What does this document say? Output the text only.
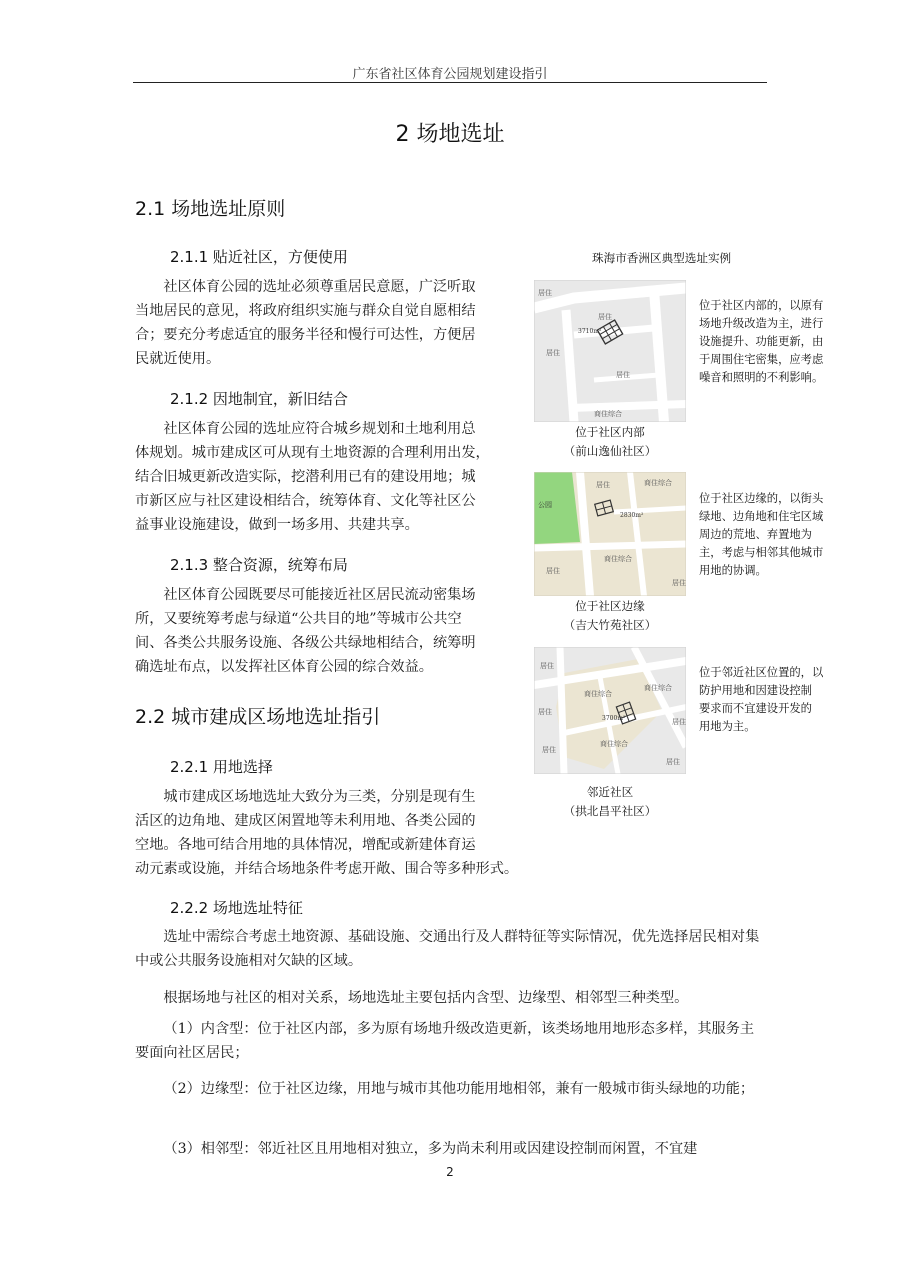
广东省社区体育公园规划建设指引
2 场地选址
2.1 场地选址原则
2.1.1 贴近社区，方便使用
社区体育公园的选址必须尊重居民意愿，广泛听取
当地居民的意见，将政府组织实施与群众自觉自愿相结
合；要充分考虑适宜的服务半径和慢行可达性，方便居
民就近使用。
2.1.2 因地制宜，新旧结合
社区体育公园的选址应符合城乡规划和土地利用总
体规划。城市建成区可从现有土地资源的合理利用出发，
结合旧城更新改造实际，挖潜利用已有的建设用地；城
市新区应与社区建设相结合，统筹体育、文化等社区公
益事业设施建设，做到一场多用、共建共享。
2.1.3 整合资源，统筹布局
社区体育公园既要尽可能接近社区居民流动密集场
所，又要统筹考虑与绿道“公共目的地”等城市公共空
间、各类公共服务设施、各级公共绿地相结合，统筹明
确选址布点，以发挥社区体育公园的综合效益。
2.2 城市建成区场地选址指引
2.2.1 用地选择
城市建成区场地选址大致分为三类，分别是现有生
活区的边角地、建成区闲置地等未利用地、各类公园的
空地。各地可结合用地的具体情况，增配或新建体育运
动元素或设施，并结合场地条件考虑开敞、围合等多种形式。
2.2.2 场地选址特征

选址中需综合考虑土地资源、基础设施、交通出行及人群特征等实际情况，优先选择居民相对集中或公共服务设施相对欠缺的区域。

根据场地与社区的相对关系，场地选址主要包括内含型、边缘型、相邻型三种类型。

（1）内含型：位于社区内部，多为原有场地升级改造更新，该类场地用地形态多样，其服务主要面向社区居民；

（2）边缘型：位于社区边缘，用地与城市其他功能用地相邻，兼有一般城市街头绿地的功能；

（3）相邻型：邻近社区且用地相对独立，多为尚未利用或因建设控制而闲置，不宜建

珠海市香洲区典型选址实例
居住
居住
居住
居住
商住综合
3710m²
位于社区内部
（前山逸仙社区）
位于社区内部的，以原有
场地升级改造为主，进行
设施提升、功能更新，由
于周围住宅密集，应考虑
噪音和照明的不利影响。
公园
居住	商住综合
商住综合
居住
居住
2830m²
位于社区边缘
（吉大竹苑社区）
位于社区边缘的，以街头
绿地、边角地和住宅区域
周边的荒地、弃置地为
主，考虑与相邻其他城市
用地的协调。
居住
商住综合
商住综合
商住综合
居住
居住
居住
居住
3700m²
邻近社区
（拱北昌平社区）
位于邻近社区位置的，以
防护用地和因建设控制
要求而不宜建设开发的
用地为主。
2
